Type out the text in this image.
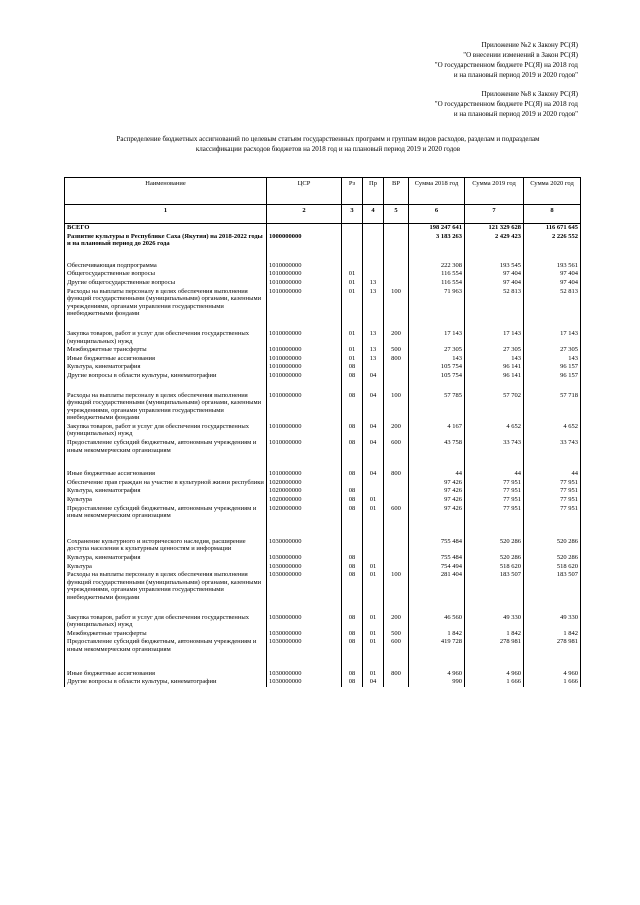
Приложение №2 к Закону РС(Я)
"О внесении изменений в Закон РС(Я)
"О государственном бюджете РС(Я) на 2018 год
и на плановый период 2019 и 2020 годов"
Приложение №8 к Закону РС(Я)
"О государственном бюджете РС(Я) на 2018 год
и на плановый период 2019 и 2020 годов"
Распределение бюджетных ассигнований по целевым статьям государственных программ и группам видов расходов, разделам и подразделам
классификации расходов бюджетов на 2018 год и на плановый период 2019 и 2020 годов
Наименование	ЦСР	Рз	Пр	ВР	Сумма 2018 год	Сумма 2019 год	Сумма 2020 год
1	2	3	4	5	6	7	8
ВСЕГО					198 247 641	121 329 628	116 671 645
Развитие культуры в Республике Саха (Якутия) на 2018-2022 годы и на плановый период до 2026 года	1000000000				3 183 263	2 429 423	2 226 552

Обеспечивающая подпрограмма	1010000000				222 308	193 545	193 561
Общегосударственные вопросы	1010000000	01			116 554	97 404	97 404
Другие общегосударственные вопросы	1010000000	01	13		116 554	97 404	97 404
Расходы на выплаты персоналу в целях обеспечения выполнения функций государственными (муниципальными) органами, казенными учреждениями, органами управления государственными внебюджетными фондами	1010000000	01	13	100	71 963	52 813	52 813

Закупка товаров, работ и услуг для обеспечения государственных (муниципальных) нужд	1010000000	01	13	200	17 143	17 143	17 143
Межбюджетные трансферты	1010000000	01	13	500	27 305	27 305	27 305
Иные бюджетные ассигнования	1010000000	01	13	800	143	143	143
Культура, кинематография	1010000000	08			105 754	96 141	96 157
Другие вопросы в области культуры, кинематографии	1010000000	08	04		105 754	96 141	96 157

Расходы на выплаты персоналу в целях обеспечения выполнения функций государственными (муниципальными) органами, казенными учреждениями, органами управления государственными внебюджетными фондами	1010000000	08	04	100	57 785	57 702	57 718
Закупка товаров, работ и услуг для обеспечения государственных (муниципальных) нужд	1010000000	08	04	200	4 167	4 652	4 652
Предоставление субсидий бюджетным, автономным учреждениям и иным некоммерческим организациям	1010000000	08	04	600	43 758	33 743	33 743

Иные бюджетные ассигнования	1010000000	08	04	800	44	44	44
Обеспечение прав граждан на участие в культурной жизни республики	1020000000				97 426	77 951	77 951
Культура, кинематография	1020000000	08			97 426	77 951	77 951
Культура	1020000000	08	01		97 426	77 951	77 951
Предоставление субсидий бюджетным, автономным учреждениям и иным некоммерческим организациям	1020000000	08	01	600	97 426	77 951	77 951

Сохранение культурного и исторического наследия, расширение доступа населения к культурным ценностям и информации	1030000000				755 484	520 286	520 286
Культура, кинематография	1030000000	08			755 484	520 286	520 286
Культура	1030000000	08	01		754 494	518 620	518 620
Расходы на выплаты персоналу в целях обеспечения выполнения функций государственными (муниципальными) органами, казенными учреждениями, органами управления государственными внебюджетными фондами	1030000000	08	01	100	281 404	183 507	183 507

Закупка товаров, работ и услуг для обеспечения государственных (муниципальных) нужд	1030000000	08	01	200	46 560	49 330	49 330
Межбюджетные трансферты	1030000000	08	01	500	1 842	1 842	1 842
Предоставление субсидий бюджетным, автономным учреждениям и иным некоммерческим организациям	1030000000	08	01	600	419 728	278 981	278 981

Иные бюджетные ассигнования	1030000000	08	01	800	4 960	4 960	4 960
Другие вопросы в области культуры, кинематографии	1030000000	08	04		990	1 666	1 666
